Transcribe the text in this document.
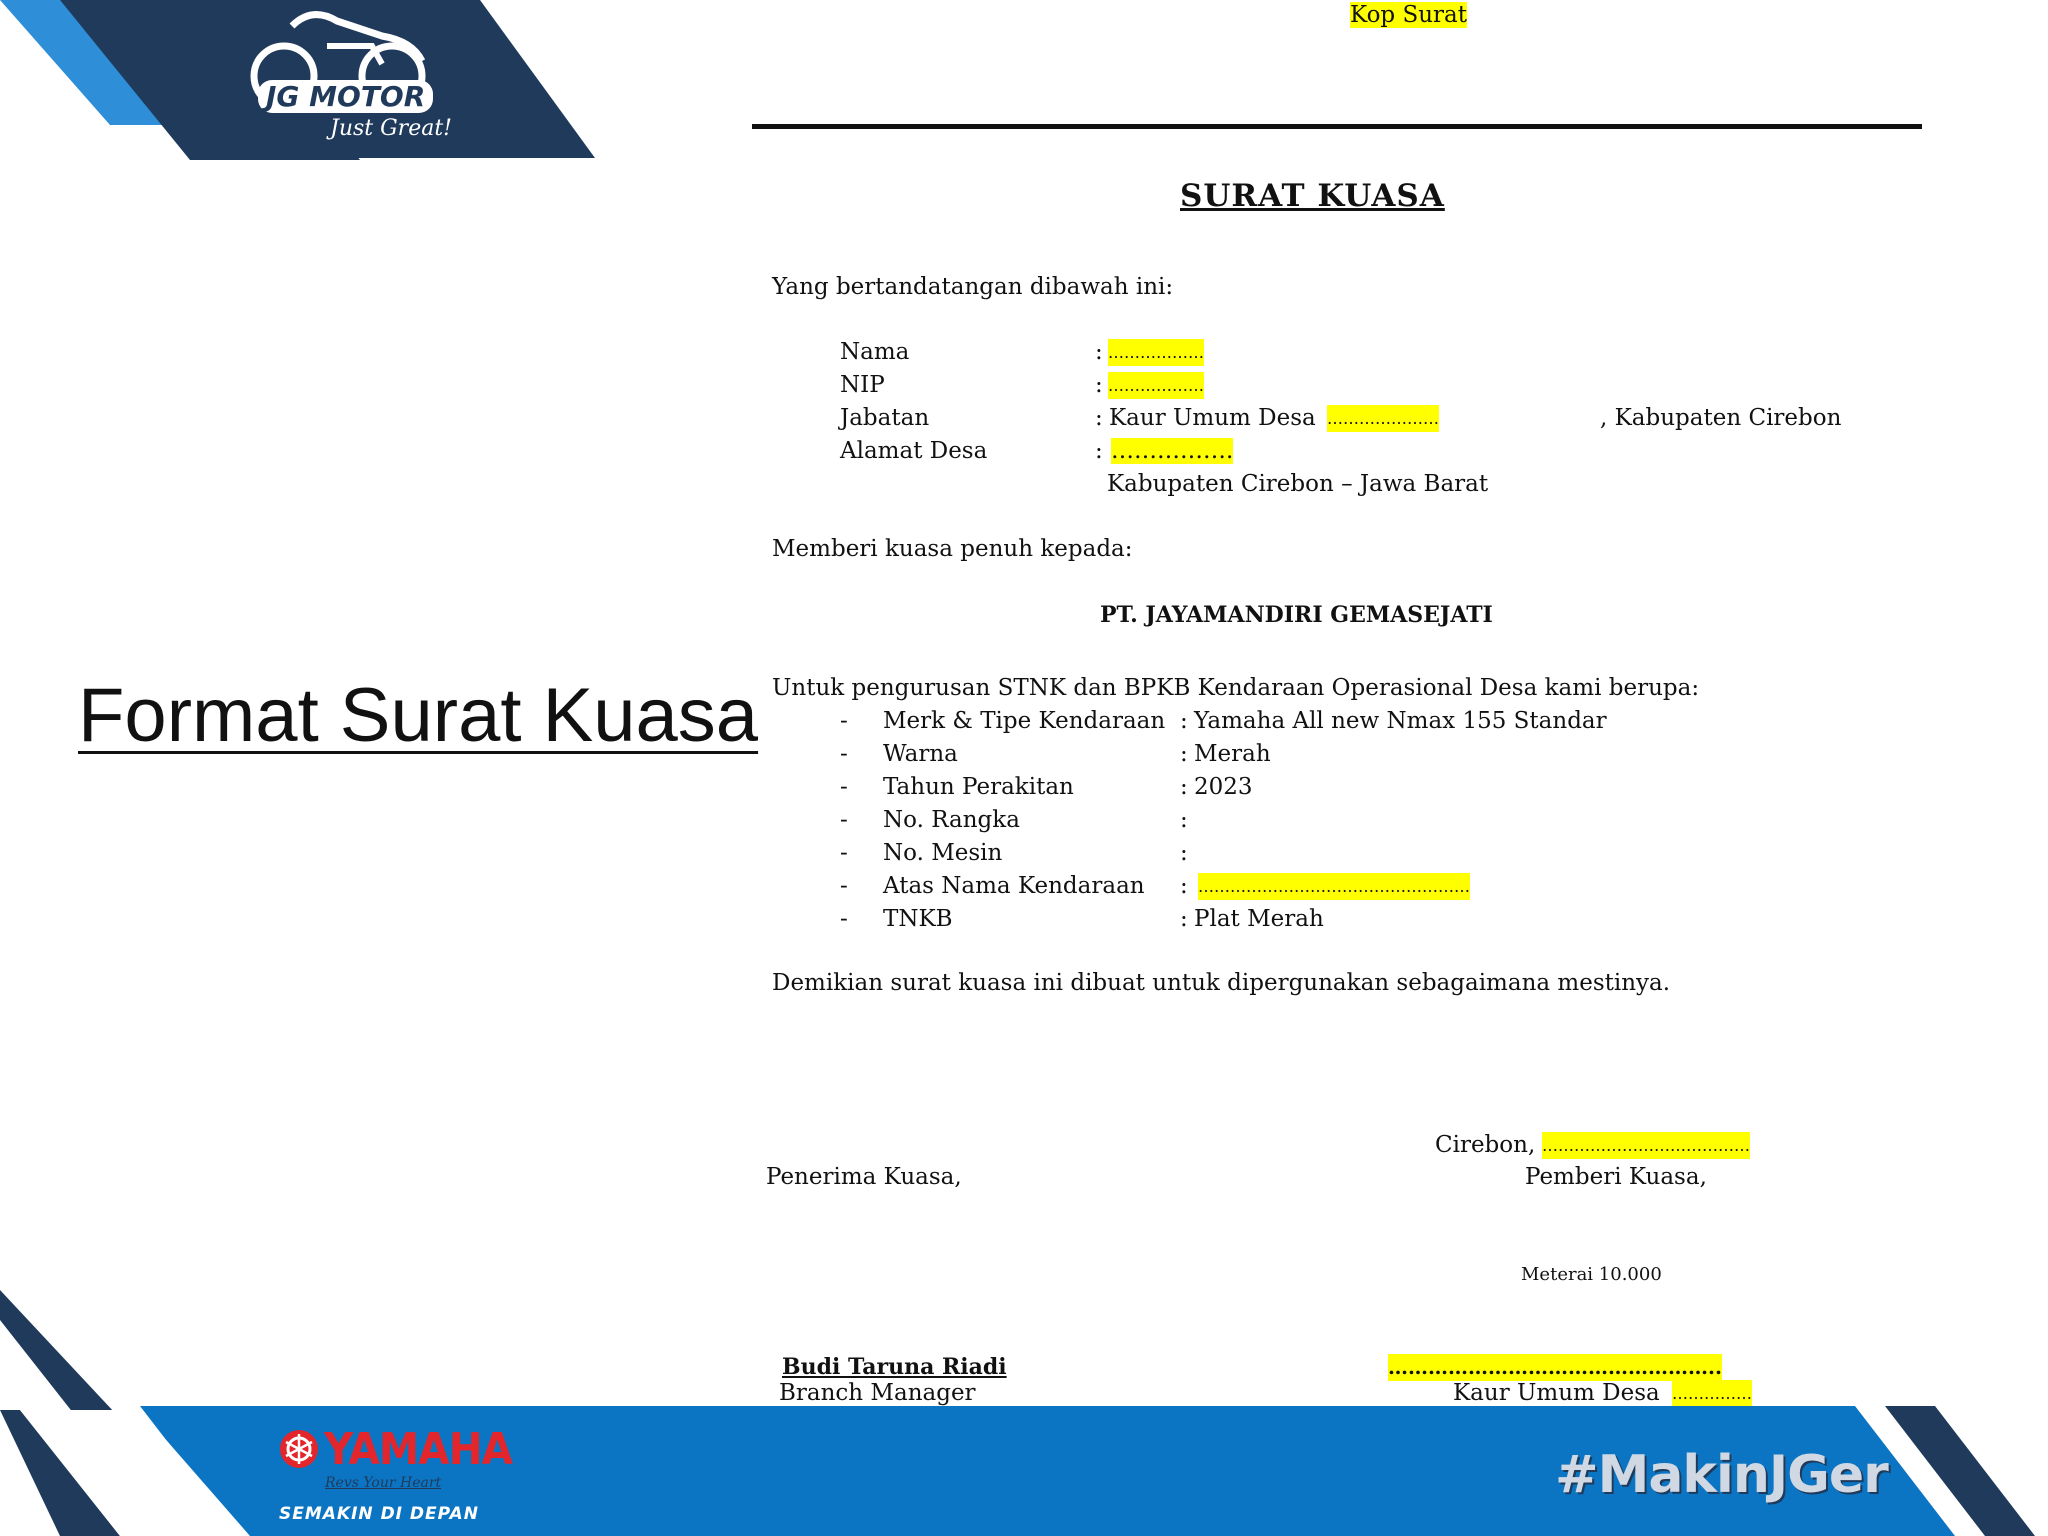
JG MOTOR
Just Great!
Format Surat Kuasa
Kop Surat
SURAT KUASA
Yang bertandatangan dibawah ini:
Nama	: ………………
NIP	: ………………
Jabatan	: Kaur Umum Desa …………………	, Kabupaten Cirebon
Alamat Desa	: …………….
Kabupaten Cirebon – Jawa Barat
Memberi kuasa penuh kepada:
PT. JAYAMANDIRI GEMASEJATI
Untuk pengurusan STNK dan BPKB Kendaraan Operasional Desa kami berupa:
- Merk & Tipe Kendaraan : Yamaha All new Nmax 155 Standar
- Warna	: Merah
- Tahun Perakitan	: 2023
- No. Rangka	:
- No. Mesin	:
- Atas Nama Kendaraan : ……………………………………………
- TNKB	: Plat Merah
Demikian surat kuasa ini dibuat untuk dipergunakan sebagaimana mestinya.
Cirebon, …………………………………
Penerima Kuasa,	Pemberi Kuasa,
Meterai 10.000
Budi Taruna Riadi	…………………………………………..
Branch Manager	Kaur Umum Desa ……………
YAMAHA
Revs Your Heart
SEMAKIN DI DEPAN
#MakinJGer
